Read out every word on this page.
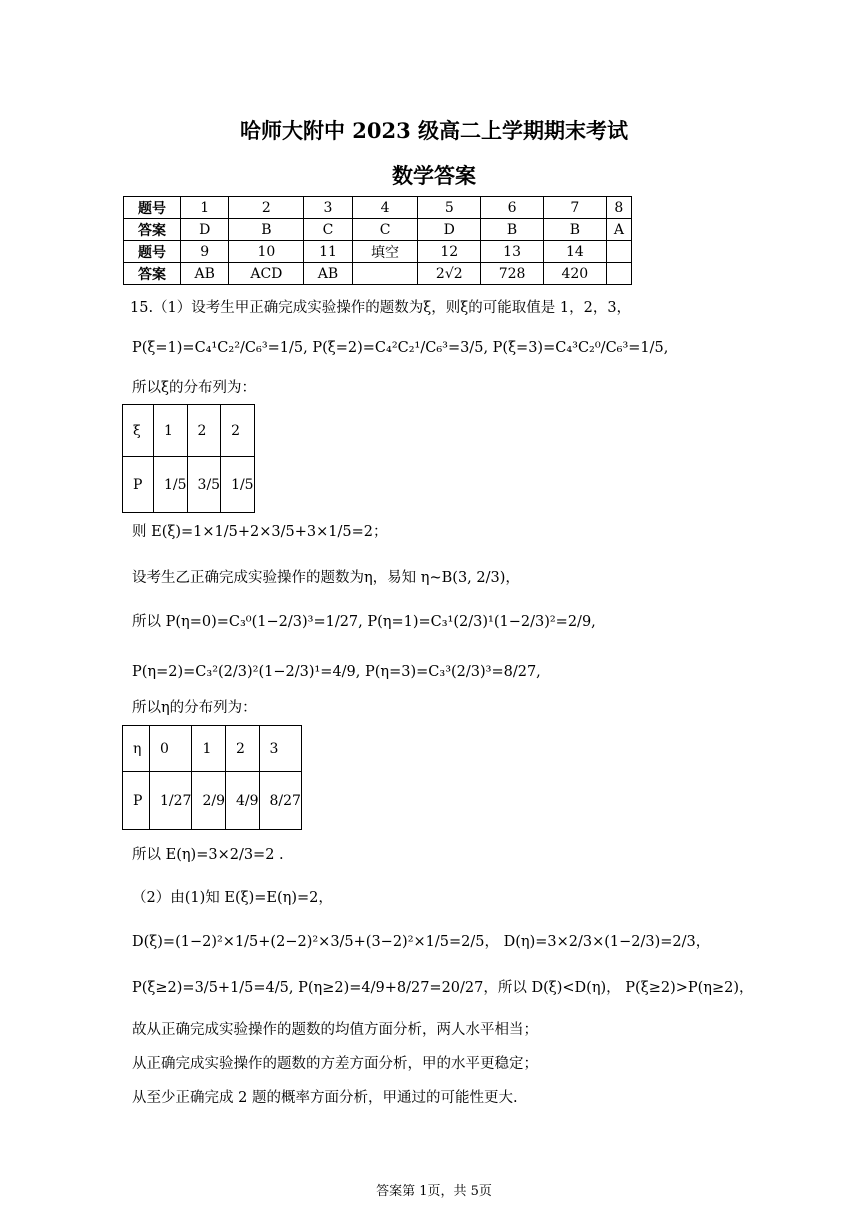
哈师大附中 2023 级高二上学期期末考试
数学答案
题号	1	2	3	4	5	6	7	8
答案	D	B	C	C	D	B	B	A
题号	9	10	11	填空	12	13	14	
答案	AB	ACD	AB		2√2	728	420	
15.（1）设考生甲正确完成实验操作的题数为ξ，则ξ的可能取值是 1，2，3，
P(ξ=1)=C₄¹C₂²/C₆³=1/5, P(ξ=2)=C₄²C₂¹/C₆³=3/5, P(ξ=3)=C₄³C₂⁰/C₆³=1/5,
所以ξ的分布列为：
ξ	1	2	2
P	1/5	3/5	1/5
则 E(ξ)=1×1/5+2×3/5+3×1/5=2；
设考生乙正确完成实验操作的题数为η，易知 η~B(3, 2/3)，
所以 P(η=0)=C₃⁰(1−2/3)³=1/27, P(η=1)=C₃¹(2/3)¹(1−2/3)²=2/9,
P(η=2)=C₃²(2/3)²(1−2/3)¹=4/9, P(η=3)=C₃³(2/3)³=8/27,
所以η的分布列为：
η	0	1	2	3
P	1/27	2/9	4/9	8/27
所以 E(η)=3×2/3=2 .
（2）由(1)知 E(ξ)=E(η)=2，
D(ξ)=(1−2)²×1/5+(2−2)²×3/5+(3−2)²×1/5=2/5， D(η)=3×2/3×(1−2/3)=2/3，
P(ξ≥2)=3/5+1/5=4/5, P(η≥2)=4/9+8/27=20/27，所以 D(ξ)<D(η)， P(ξ≥2)>P(η≥2)，
故从正确完成实验操作的题数的均值方面分析，两人水平相当；
从正确完成实验操作的题数的方差方面分析，甲的水平更稳定；
从至少正确完成 2 题的概率方面分析，甲通过的可能性更大.
答案第 1页，共 5页
